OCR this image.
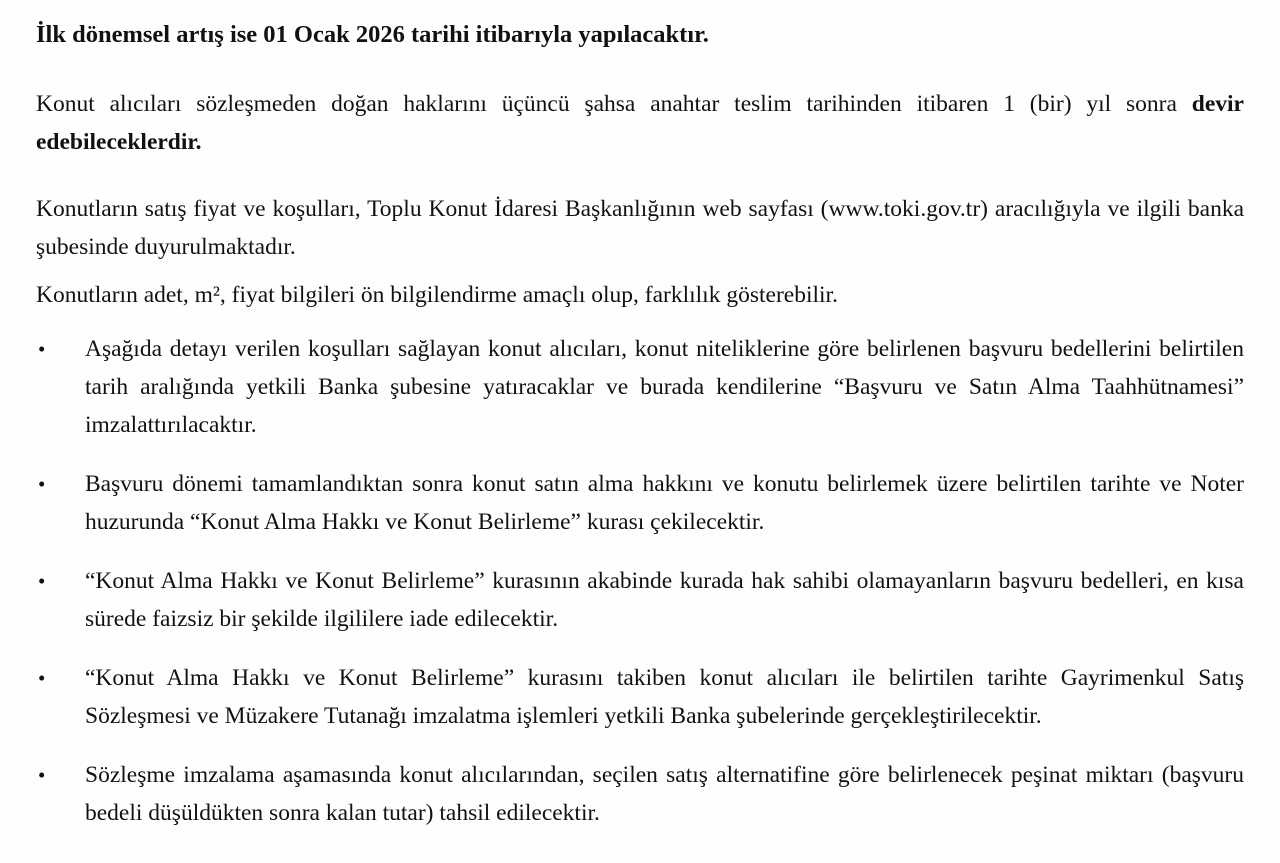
İlk dönemsel artış ise 01 Ocak 2026 tarihi itibarıyla yapılacaktır.

Konut alıcıları sözleşmeden doğan haklarını üçüncü şahsa anahtar teslim tarihinden itibaren 1 (bir) yıl sonra devir edebileceklerdir.

Konutların satış fiyat ve koşulları, Toplu Konut İdaresi Başkanlığının web sayfası (www.toki.gov.tr) aracılığıyla ve ilgili banka şubesinde duyurulmaktadır.

Konutların adet, m², fiyat bilgileri ön bilgilendirme amaçlı olup, farklılık gösterebilir.

• Aşağıda detayı verilen koşulları sağlayan konut alıcıları, konut niteliklerine göre belirlenen başvuru bedellerini belirtilen tarih aralığında yetkili Banka şubesine yatıracaklar ve burada kendilerine “Başvuru ve Satın Alma Taahhütnamesi” imzalattırılacaktır.
• Başvuru dönemi tamamlandıktan sonra konut satın alma hakkını ve konutu belirlemek üzere belirtilen tarihte ve Noter huzurunda “Konut Alma Hakkı ve Konut Belirleme” kurası çekilecektir.
• “Konut Alma Hakkı ve Konut Belirleme” kurasının akabinde kurada hak sahibi olamayanların başvuru bedelleri, en kısa sürede faizsiz bir şekilde ilgililere iade edilecektir.
• “Konut Alma Hakkı ve Konut Belirleme” kurasını takiben konut alıcıları ile belirtilen tarihte Gayrimenkul Satış Sözleşmesi ve Müzakere Tutanağı imzalatma işlemleri yetkili Banka şubelerinde gerçekleştirilecektir.
• Sözleşme imzalama aşamasında konut alıcılarından, seçilen satış alternatifine göre belirlenecek peşinat miktarı (başvuru bedeli düşüldükten sonra kalan tutar) tahsil edilecektir.
